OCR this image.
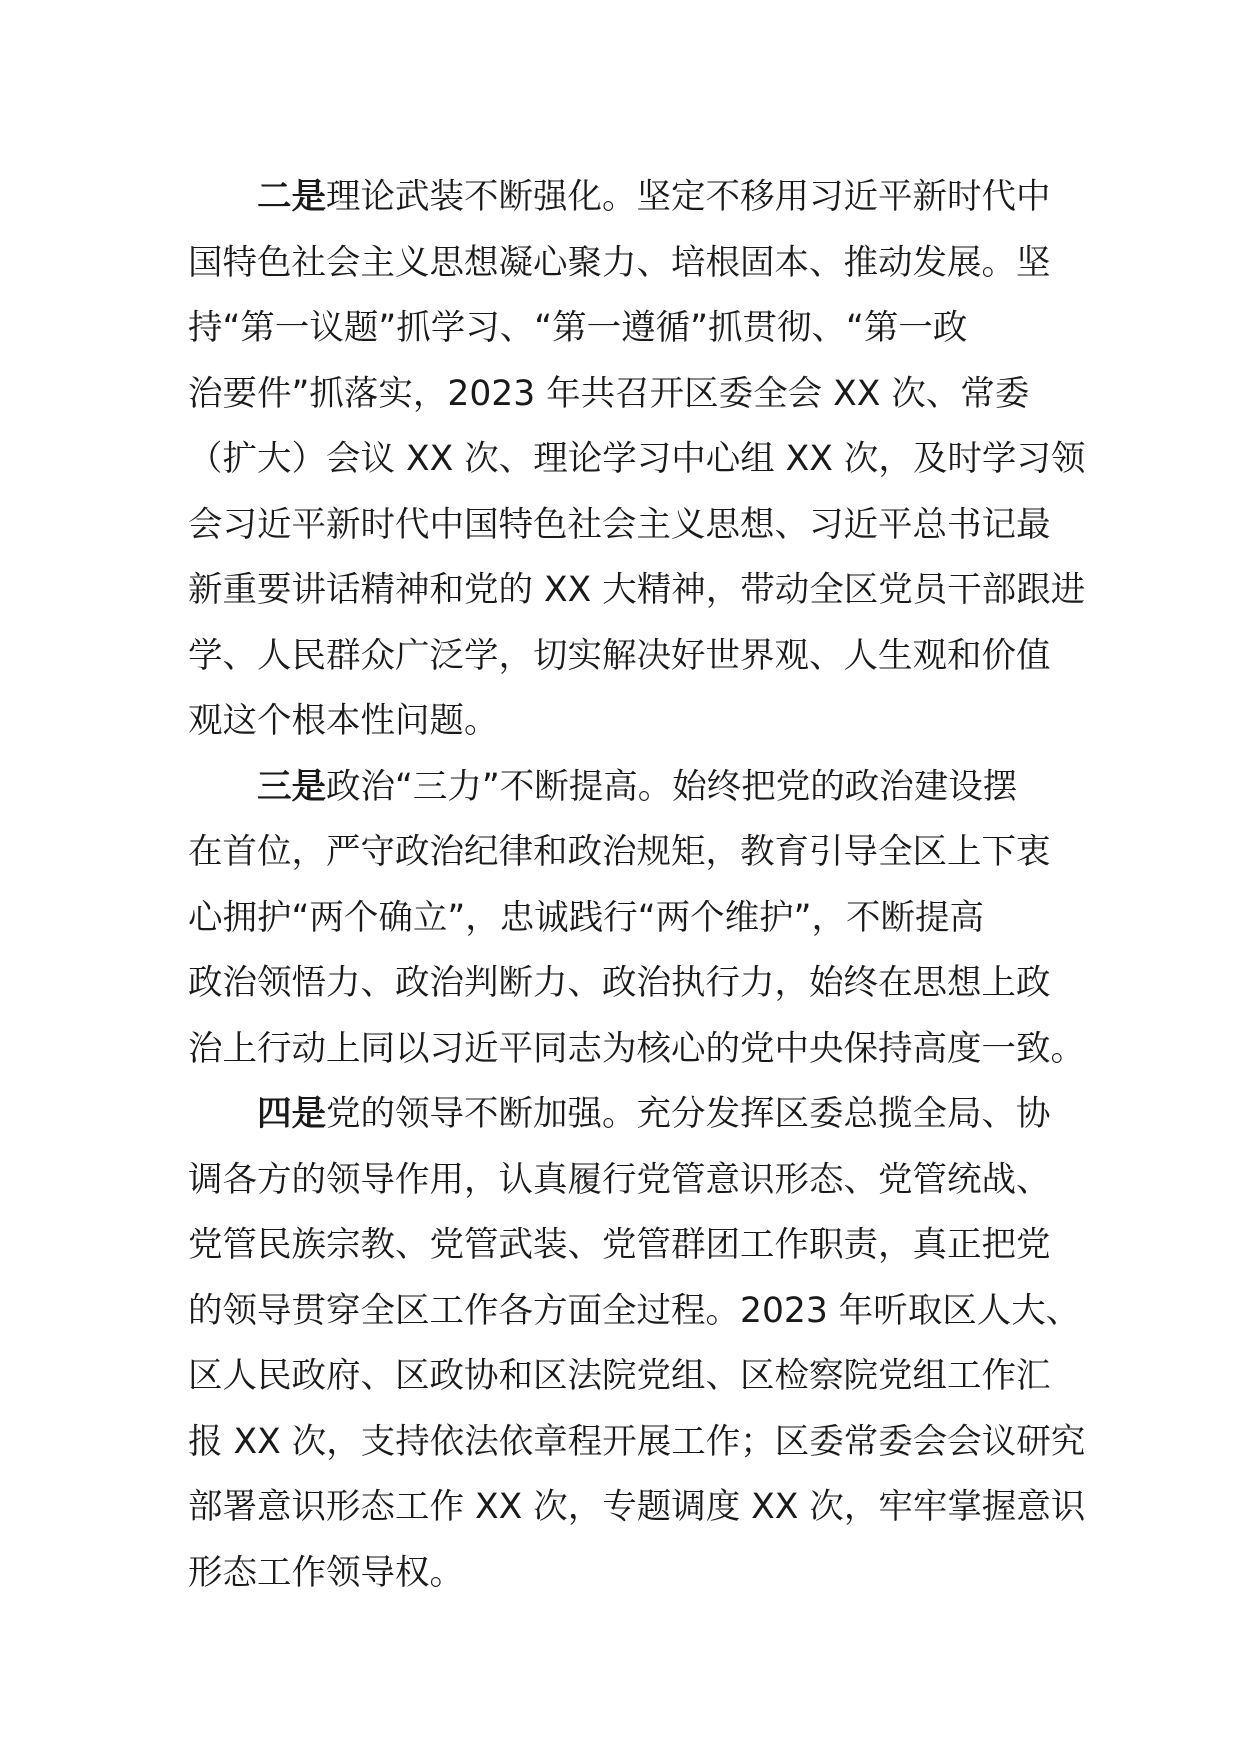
二是理论武装不断强化。坚定不移用习近平新时代中
国特色社会主义思想凝心聚力、培根固本、推动发展。坚
持“第一议题”抓学习、“第一遵循”抓贯彻、“第一政
治要件”抓落实，2023 年共召开区委全会 XX 次、常委
（扩大）会议 XX 次、理论学习中心组 XX 次，及时学习领
会习近平新时代中国特色社会主义思想、习近平总书记最
新重要讲话精神和党的 XX 大精神，带动全区党员干部跟进
学、人民群众广泛学，切实解决好世界观、人生观和价值
观这个根本性问题。
三是政治“三力”不断提高。始终把党的政治建设摆
在首位，严守政治纪律和政治规矩，教育引导全区上下衷
心拥护“两个确立”，忠诚践行“两个维护”，不断提高
政治领悟力、政治判断力、政治执行力，始终在思想上政
治上行动上同以习近平同志为核心的党中央保持高度一致。
四是党的领导不断加强。充分发挥区委总揽全局、协
调各方的领导作用，认真履行党管意识形态、党管统战、
党管民族宗教、党管武装、党管群团工作职责，真正把党
的领导贯穿全区工作各方面全过程。2023 年听取区人大、
区人民政府、区政协和区法院党组、区检察院党组工作汇
报 XX 次，支持依法依章程开展工作；区委常委会会议研究
部署意识形态工作 XX 次，专题调度 XX 次，牢牢掌握意识
形态工作领导权。
